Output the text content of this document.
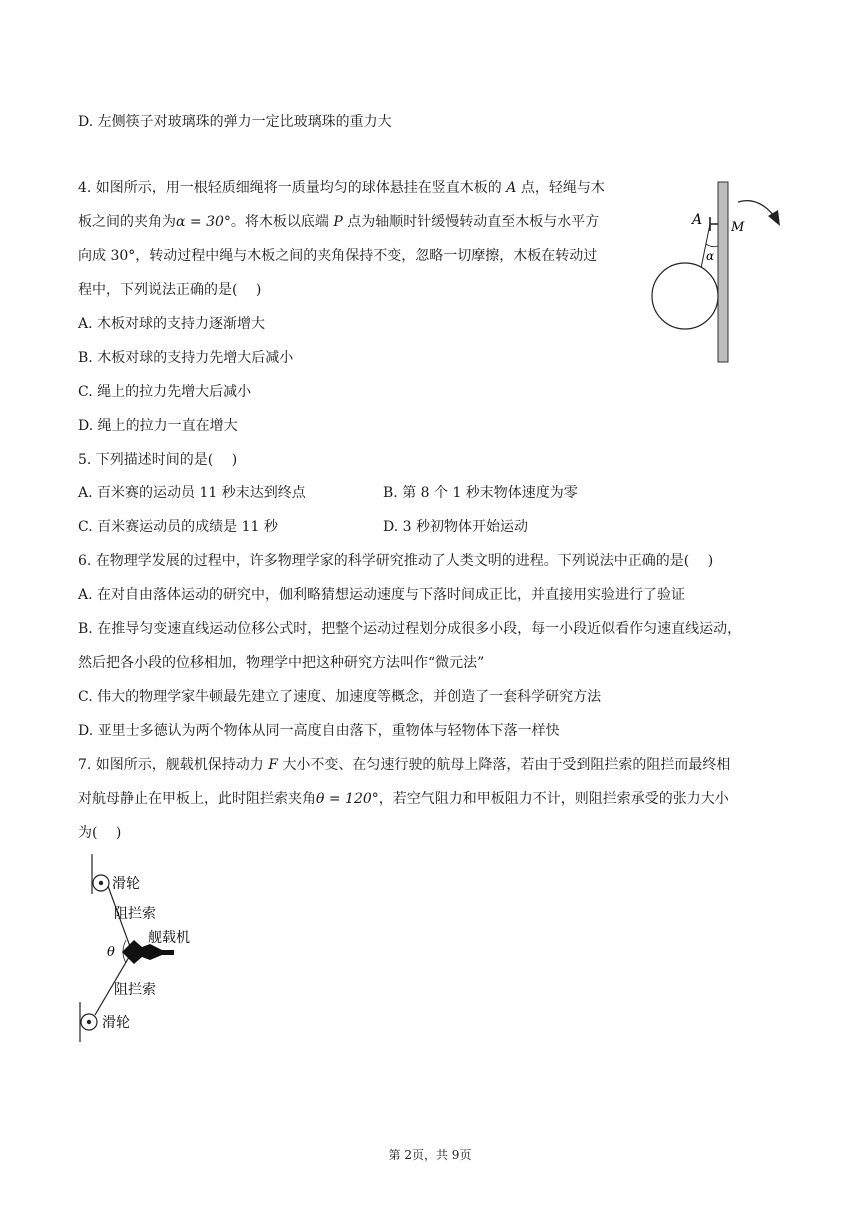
D. 左侧筷子对玻璃珠的弹力一定比玻璃珠的重力大
4. 如图所示，用一根轻质细绳将一质量均匀的球体悬挂在竖直木板的 A 点，轻绳与木
板之间的夹角为α = 30°。将木板以底端 P 点为轴顺时针缓慢转动直至木板与水平方
向成 30°，转动过程中绳与木板之间的夹角保持不变，忽略一切摩擦，木板在转动过
程中，下列说法正确的是(　 )
A. 木板对球的支持力逐渐增大
B. 木板对球的支持力先增大后减小
C. 绳上的拉力先增大后减小
D. 绳上的拉力一直在增大
A M
α
5. 下列描述时间的是(　 )
A. 百米赛的运动员 11 秒末达到终点	B. 第 8 个 1 秒末物体速度为零
C. 百米赛运动员的成绩是 11 秒	D. 3 秒初物体开始运动
6. 在物理学发展的过程中，许多物理学家的科学研究推动了人类文明的进程。下列说法中正确的是(　 )
A. 在对自由落体运动的研究中，伽利略猜想运动速度与下落时间成正比，并直接用实验进行了验证
B. 在推导匀变速直线运动位移公式时，把整个运动过程划分成很多小段，每一小段近似看作匀速直线运动，
然后把各小段的位移相加，物理学中把这种研究方法叫作“微元法”
C. 伟大的物理学家牛顿最先建立了速度、加速度等概念，并创造了一套科学研究方法
D. 亚里士多德认为两个物体从同一高度自由落下，重物体与轻物体下落一样快
7. 如图所示，舰载机保持动力 F 大小不变、在匀速行驶的航母上降落，若由于受到阻拦索的阻拦而最终相
对航母静止在甲板上，此时阻拦索夹角θ = 120°，若空气阻力和甲板阻力不计，则阻拦索承受的张力大小
为(　 )
滑轮
阻拦索
舰载机
θ
阻拦索
滑轮
第 2页，共 9页
